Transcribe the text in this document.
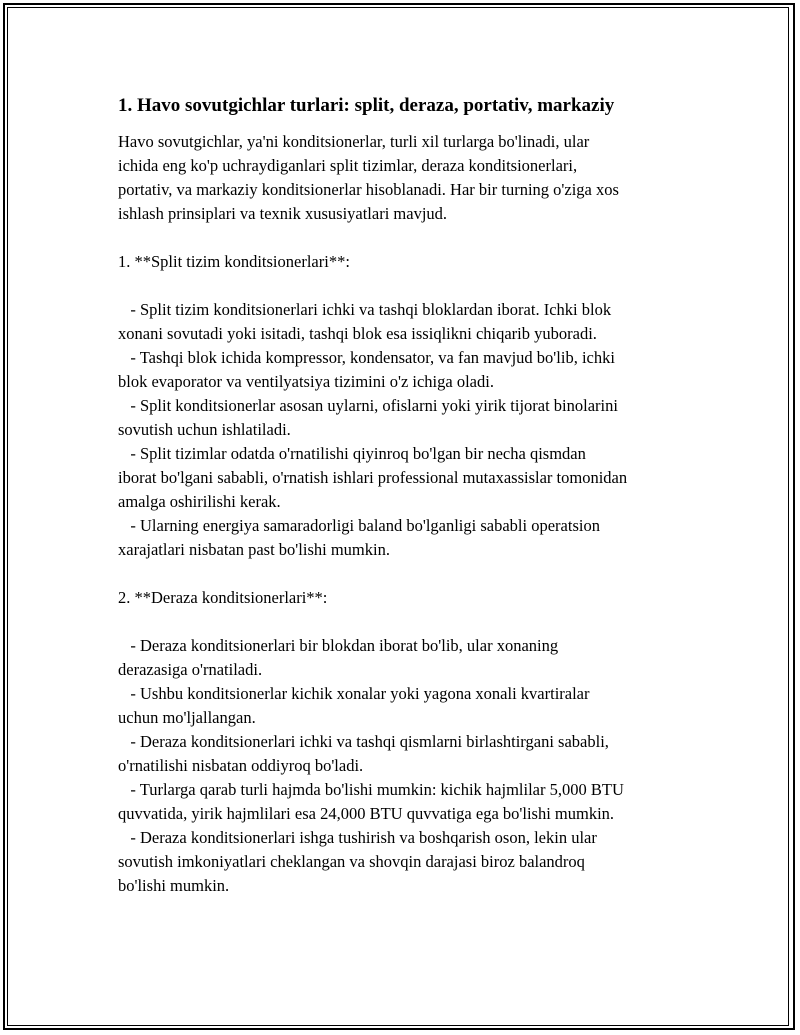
1. Havo sovutgichlar turlari: split, deraza, portativ, markaziy

Havo sovutgichlar, ya'ni konditsionerlar, turli xil turlarga bo'linadi, ular

ichida eng ko'p uchraydiganlari split tizimlar, deraza konditsionerlari,

portativ, va markaziy konditsionerlar hisoblanadi. Har bir turning o'ziga xos

ishlash prinsiplari va texnik xususiyatlari mavjud.

1. **Split tizim konditsionerlari**:

- Split tizim konditsionerlari ichki va tashqi bloklardan iborat. Ichki blok

xonani sovutadi yoki isitadi, tashqi blok esa issiqlikni chiqarib yuboradi.

- Tashqi blok ichida kompressor, kondensator, va fan mavjud bo'lib, ichki

blok evaporator va ventilyatsiya tizimini o'z ichiga oladi.

- Split konditsionerlar asosan uylarni, ofislarni yoki yirik tijorat binolarini

sovutish uchun ishlatiladi.

- Split tizimlar odatda o'rnatilishi qiyinroq bo'lgan bir necha qismdan

iborat bo'lgani sababli, o'rnatish ishlari professional mutaxassislar tomonidan

amalga oshirilishi kerak.

- Ularning energiya samaradorligi baland bo'lganligi sababli operatsion

xarajatlari nisbatan past bo'lishi mumkin.

2. **Deraza konditsionerlari**:

- Deraza konditsionerlari bir blokdan iborat bo'lib, ular xonaning

derazasiga o'rnatiladi.

- Ushbu konditsionerlar kichik xonalar yoki yagona xonali kvartiralar

uchun mo'ljallangan.

- Deraza konditsionerlari ichki va tashqi qismlarni birlashtirgani sababli,

o'rnatilishi nisbatan oddiyroq bo'ladi.

- Turlarga qarab turli hajmda bo'lishi mumkin: kichik hajmlilar 5,000 BTU

quvvatida, yirik hajmlilari esa 24,000 BTU quvvatiga ega bo'lishi mumkin.

- Deraza konditsionerlari ishga tushirish va boshqarish oson, lekin ular

sovutish imkoniyatlari cheklangan va shovqin darajasi biroz balandroq

bo'lishi mumkin.
